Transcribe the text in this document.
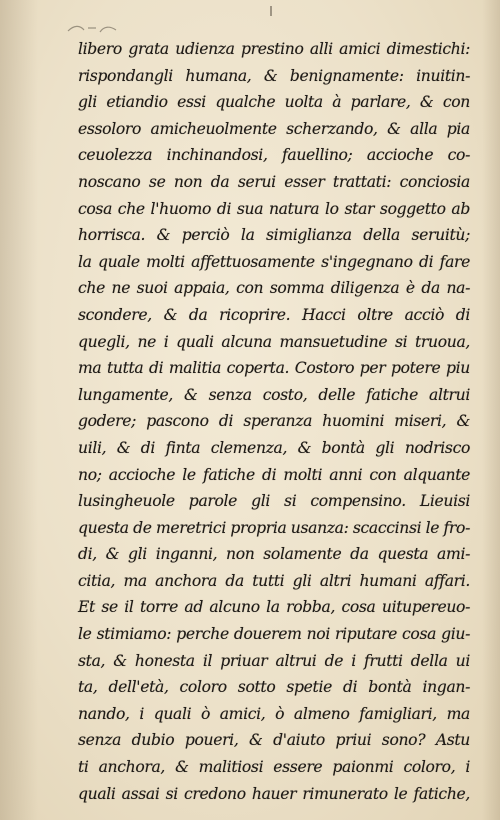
libero grata udienza prestino alli amici dimestichi:
rispondangli humana, & benignamente: inuitin-
gli etiandio essi qualche uolta à parlare, & con
essoloro amicheuolmente scherzando, & alla pia
ceuolezza inchinandosi, fauellino; accioche co-
noscano se non da serui esser trattati: conciosia
cosa che l'huomo di sua natura lo star soggetto ab
horrisca. & perciò la simiglianza della seruitù;
la quale molti affettuosamente s'ingegnano di fare
che ne suoi appaia, con somma diligenza è da na-
scondere, & da ricoprire. Hacci oltre acciò di
quegli, ne i quali alcuna mansuetudine si truoua,
ma tutta di malitia coperta. Costoro per potere piu
lungamente, & senza costo, delle fatiche altrui
godere; pascono di speranza huomini miseri, &
uili, & di finta clemenza, & bontà gli nodrisco
no; accioche le fatiche di molti anni con alquante
lusingheuole parole gli si compensino. Lieuisi
questa de meretrici propria usanza: scaccinsi le fro-
di, & gli inganni, non solamente da questa ami-
citia, ma anchora da tutti gli altri humani affari.
Et se il torre ad alcuno la robba, cosa uitupereuo-
le stimiamo: perche douerem noi riputare cosa giu-
sta, & honesta il priuar altrui de i frutti della ui
ta, dell'età, coloro sotto spetie di bontà ingan-
nando, i quali ò amici, ò almeno famigliari, ma
senza dubio poueri, & d'aiuto priui sono? Astu
ti anchora, & malitiosi essere paionmi coloro, i
quali assai si credono hauer rimunerato le fatiche,
